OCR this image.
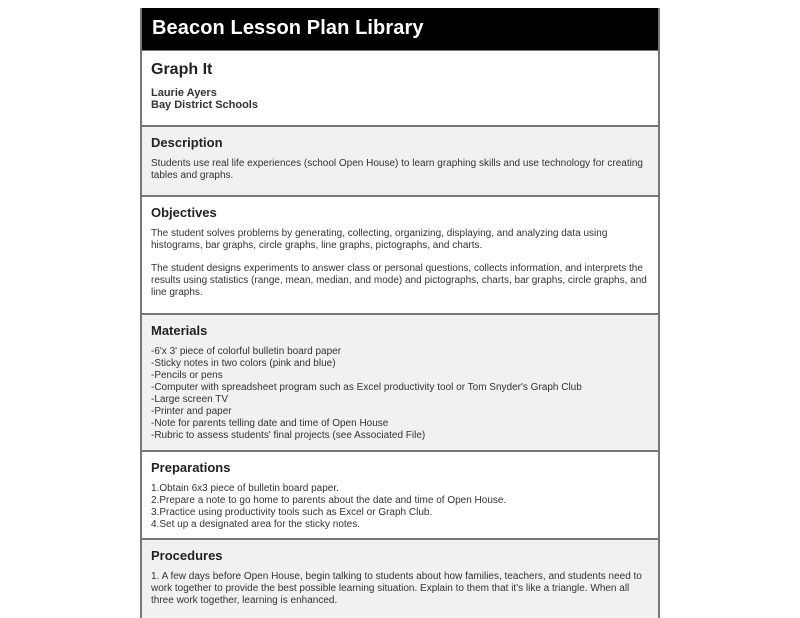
Beacon Lesson Plan Library
Graph It
Laurie Ayers
Bay District Schools
Description
Students use real life experiences (school Open House) to learn graphing skills and use technology for creating tables and graphs.
Objectives

The student solves problems by generating, collecting, organizing, displaying, and analyzing data using histograms, bar graphs, circle graphs, line graphs, pictographs, and charts.

The student designs experiments to answer class or personal questions, collects information, and interprets the results using statistics (range, mean, median, and mode) and pictographs, charts, bar graphs, circle graphs, and line graphs.

Materials
-6'x 3' piece of colorful bulletin board paper
-Sticky notes in two colors (pink and blue)
-Pencils or pens
-Computer with spreadsheet program such as Excel productivity tool or Tom Snyder's Graph Club
-Large screen TV
-Printer and paper
-Note for parents telling date and time of Open House
-Rubric to assess students' final projects (see Associated File)
Preparations
1.Obtain 6x3 piece of bulletin board paper.
2.Prepare a note to go home to parents about the date and time of Open House.
3.Practice using productivity tools such as Excel or Graph Club.
4.Set up a designated area for the sticky notes.
Procedures
1. A few days before Open House, begin talking to students about how families, teachers, and students need to work together to provide the best possible learning situation. Explain to them that it's like a triangle. When all three work together, learning is enhanced.
